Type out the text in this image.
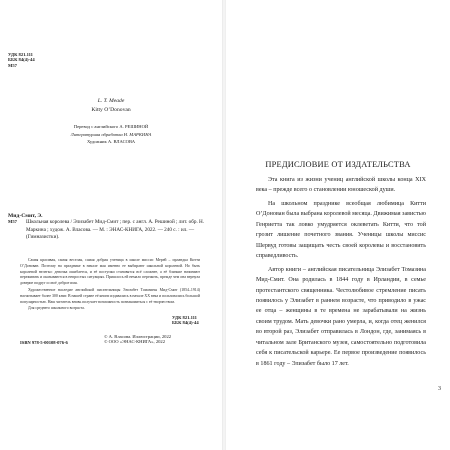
УДК 821.111
ББК 84(4)-44
М57
L. T. Meade
Kitty O’Donovan
Перевод с английского А. РЕШИНОЙ
Литературная обработка Н. МАРКИНА
Художник А. ВЛАСОВА
Мид-Смит, Э.
М57 Школьная королева / Элизабет Мид-Смит ; пер. с англ. А. Решиной ; лит. обр. Н. Маркина ; худож. А. Власова. — М. : ЭНАС-КНИГА, 2022. — 240 с. : ил. — (Гимназистки).

Самая красивая, самая веселая, самая добрая ученица в школе миссис Мерей – ирландка Китти О’Донован. Поэтому на празднике в начале мая именно ее выбирают школьной королевой. Но быть королевой нелегко: девочка ошибается, и её поступки становятся всё сложнее, а её близкие начинают переживать и оказываются в непростых ситуациях. Пришлось ей немало пережить, прежде чем она вернула доверие подруг и своё доброе имя.

Художественное наследие английской писательницы Элизабет Томазины Мид-Смит (1854–1914) насчитывает более 300 книг. В нашей стране её книги издавались в начале XX века и пользовались большой популярностью. Наш читатель вновь получает возможность познакомиться с её творчеством.

Для среднего школьного возраста.

УДК 821.111
ББК 84(4)-44
ISBN 978-5-00108-076-6
© А. Власова. Иллюстрации, 2022
© ООО «ЭНАС-КНИГА», 2022
ПРЕДИСЛОВИЕ ОТ ИЗДАТЕЛЬСТВА

Эта книга из жизни учениц английской школы конца XIX века – прежде всего о становлении юношеской души.

На школьном празднике всеобщая любимица Китти О’Донован была выбрана королевой месяца. Движимая завистью Генриетта так ловко умудряется оклеветать Китти, что той грозит лишение почетного звания. Ученицы школы миссис Шервуд готовы защищать честь своей королевы и восстановить справедливость.

Автор книги – английская писательница Элизабет Томазина Мид-Смит. Она родилась в 1844 году в Ирландии, в семье протестантского священника. Честолюбивое стремление писать появилось у Элизабет в раннем возрасте, что приводило в ужас ее отца – женщины в те времена не зарабатывали на жизнь своим трудом. Мать девочки рано умерла, и, когда отец женился во второй раз, Элизабет отправилась в Лондон, где, занимаясь в читальном зале Британского музея, самостоятельно подготовила себя к писательской карьере. Ее первое произведение появилось в 1861 году – Элизабет было 17 лет.

3
